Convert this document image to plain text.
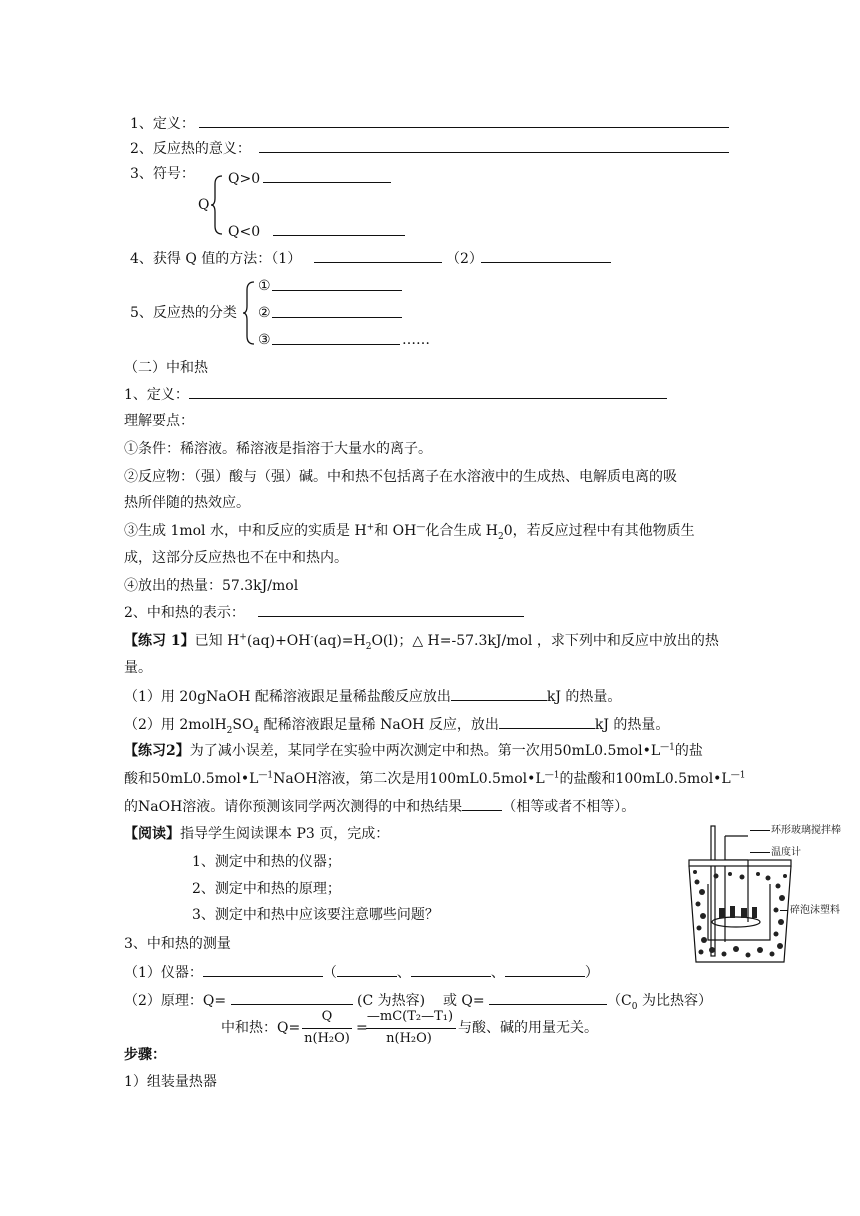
1、定义：
2、反应热的意义：
3、符号： Q>0
Q
Q<0
4、获得 Q 值的方法：（1）	（2）
①
5、反应热的分类 ②
③	……
（二）中和热
1、定义：
理解要点：
①条件：稀溶液。稀溶液是指溶于大量水的离子。
②反应物：（强）酸与（强）碱。中和热不包括离子在水溶液中的生成热、电解质电离的吸
热所伴随的热效应。
③生成 1mol 水，中和反应的实质是 H+和 OH—化合生成 $H_20$，若反应过程中有其他物质生
成，这部分反应热也不在中和热内。
④放出的热量：57.3kJ/mol
2、中和热的表示：
【练习 1】已知 $H^+(aq)+OH^-(aq)=H_2O(l)$；△ H=-57.3kJ/mol ，求下列中和反应中放出的热
量。
（1）用 20gNaOH 配稀溶液跟足量稀盐酸反应放出	kJ 的热量。
（2）用 $2molH_2SO_4$ 配稀溶液跟足量稀 NaOH 反应，放出	kJ 的热量。
【练习2】为了减小误差，某同学在实验中两次测定中和热。第一次用$50mL0.5mol•L^{—1}$的盐
酸和$50mL0.5mol•L^{—1}NaOH$溶液，第二次是用$100mL0.5mol•L^{—1}$的盐酸和$100mL0.5mol•L^{—1}$
的NaOH溶液。请你预测该同学两次测得的中和热结果	（相等或者不相等）。
【阅读】指导学生阅读课本 P3 页，完成：
1、测定中和热的仪器；
2、测定中和热的原理；
3、测定中和热中应该要注意哪些问题？
环形玻璃搅拌棒
温度计
碎泡沫塑料
3、中和热的测量
（1）仪器：	（	、	、	）
（2）原理：Q=	(C 为热容) 或 Q=	（$C_0$ 为比热容）
中和热：Q=
Q
n(H₂O)
=
—mC(T₂—T₁)
n(H₂O)
与酸、碱的用量无关。
步骤：
1）组装量热器
